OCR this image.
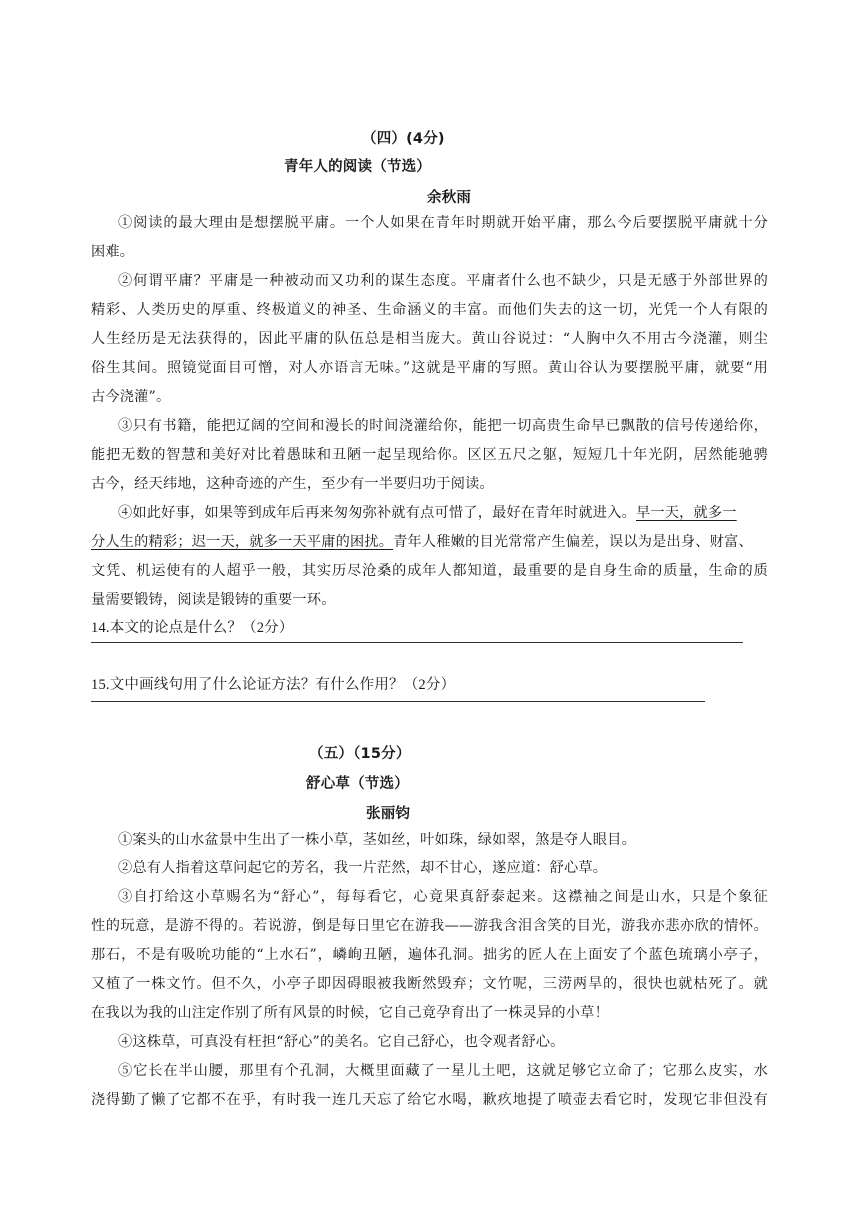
（四）(4分)
青年人的阅读（节选）
余秋雨
①阅读的最大理由是想摆脱平庸。一个人如果在青年时期就开始平庸，那么今后要摆脱平庸就十分
困难。
②何谓平庸？平庸是一种被动而又功利的谋生态度。平庸者什么也不缺少，只是无感于外部世界的
精彩、人类历史的厚重、终极道义的神圣、生命涵义的丰富。而他们失去的这一切，光凭一个人有限的
人生经历是无法获得的，因此平庸的队伍总是相当庞大。黄山谷说过：“人胸中久不用古今浇灌，则尘
俗生其间。照镜觉面目可憎，对人亦语言无味。”这就是平庸的写照。黄山谷认为要摆脱平庸，就要“用
古今浇灌”。
③只有书籍，能把辽阔的空间和漫长的时间浇灌给你，能把一切高贵生命早已飘散的信号传递给你，
能把无数的智慧和美好对比着愚昧和丑陋一起呈现给你。区区五尺之躯，短短几十年光阴，居然能驰骋
古今，经天纬地，这种奇迹的产生，至少有一半要归功于阅读。
④如此好事，如果等到成年后再来匆匆弥补就有点可惜了，最好在青年时就进入。早一天，就多一
分人生的精彩；迟一天，就多一天平庸的困扰。青年人稚嫩的目光常常产生偏差，误以为是出身、财富、
文凭、机运使有的人超乎一般，其实历尽沧桑的成年人都知道，最重要的是自身生命的质量，生命的质
量需要锻铸，阅读是锻铸的重要一环。
14.本文的论点是什么？（2分）
15.文中画线句用了什么论证方法？有什么作用？（2分）
（五）（15分）
舒心草（节选）
张丽钧
①案头的山水盆景中生出了一株小草，茎如丝，叶如珠，绿如翠，煞是夺人眼目。
②总有人指着这草问起它的芳名，我一片茫然，却不甘心，遂应道：舒心草。
③自打给这小草赐名为“舒心”，每每看它，心竟果真舒泰起来。这襟袖之间是山水，只是个象征
性的玩意，是游不得的。若说游，倒是每日里它在游我——游我含泪含笑的目光，游我亦悲亦欣的情怀。
那石，不是有吸吮功能的“上水石”，嶙峋丑陋，遍体孔洞。拙劣的匠人在上面安了个蓝色琉璃小亭子，
又植了一株文竹。但不久，小亭子即因碍眼被我断然毁弃；文竹呢，三涝两旱的，很快也就枯死了。就
在我以为我的山注定作别了所有风景的时候，它自己竟孕育出了一株灵异的小草！
④这株草，可真没有枉担“舒心”的美名。它自己舒心，也令观者舒心。
⑤它长在半山腰，那里有个孔洞，大概里面藏了一星儿土吧，这就足够它立命了；它那么皮实，水
浇得勤了懒了它都不在乎，有时我一连几天忘了给它水喝，歉疚地提了喷壶去看它时，发现它非但没有
